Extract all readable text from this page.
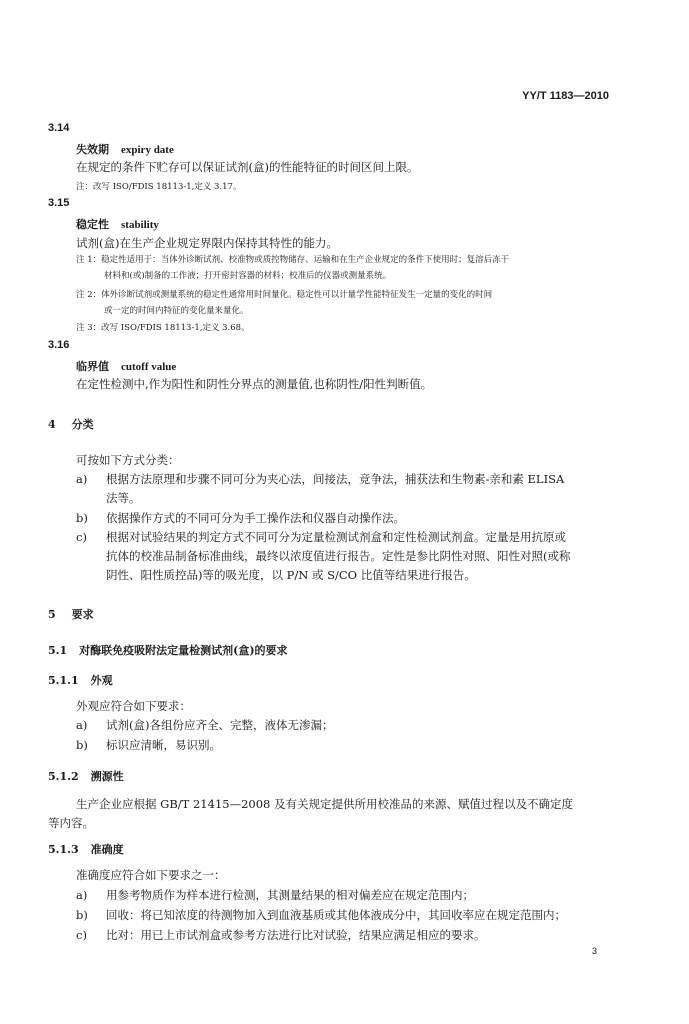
YY/T 1183—2010
3.14
失效期 expiry date
在规定的条件下贮存可以保证试剂(盒)的性能特征的时间区间上限。
注：改写 ISO/FDIS 18113-1,定义 3.17。
3.15
稳定性 stability
试剂(盒)在生产企业规定界限内保持其特性的能力。
注 1：稳定性适用于：当体外诊断试剂、校准物或质控物储存、运输和在生产企业规定的条件下使用时；复溶后冻干
材料和(或)制备的工作液；打开密封容器的材料；校准后的仪器或测量系统。
注 2：体外诊断试剂或测量系统的稳定性通常用时间量化。稳定性可以计量学性能特征发生一定量的变化的时间
或一定的时间内特征的变化量来量化。
注 3：改写 ISO/FDIS 18113-1,定义 3.68。
3.16
临界值 cutoff value
在定性检测中,作为阳性和阴性分界点的测量值,也称阴性/阳性判断值。
4 分类
可按如下方式分类：
a) 根据方法原理和步骤不同可分为夹心法，间接法，竞争法，捕获法和生物素-亲和素 ELISA
法等。
b) 依据操作方式的不同可分为手工操作法和仪器自动操作法。
c) 根据对试验结果的判定方式不同可分为定量检测试剂盒和定性检测试剂盒。定量是用抗原或
抗体的校准品制备标准曲线，最终以浓度值进行报告。定性是参比阴性对照、阳性对照(或称
阴性、阳性质控品)等的吸光度，以 P/N 或 S/CO 比值等结果进行报告。
5 要求
5.1 对酶联免疫吸附法定量检测试剂(盒)的要求
5.1.1 外观
外观应符合如下要求：
a) 试剂(盒)各组份应齐全、完整，液体无渗漏；
b) 标识应清晰，易识别。
5.1.2 溯源性
生产企业应根据 GB/T 21415—2008 及有关规定提供所用校准品的来源、赋值过程以及不确定度
等内容。
5.1.3 准确度
准确度应符合如下要求之一：
a) 用参考物质作为样本进行检测，其测量结果的相对偏差应在规定范围内；
b) 回收：将已知浓度的待测物加入到血液基质或其他体液成分中，其回收率应在规定范围内；
c) 比对：用已上市试剂盒或参考方法进行比对试验，结果应满足相应的要求。
3
